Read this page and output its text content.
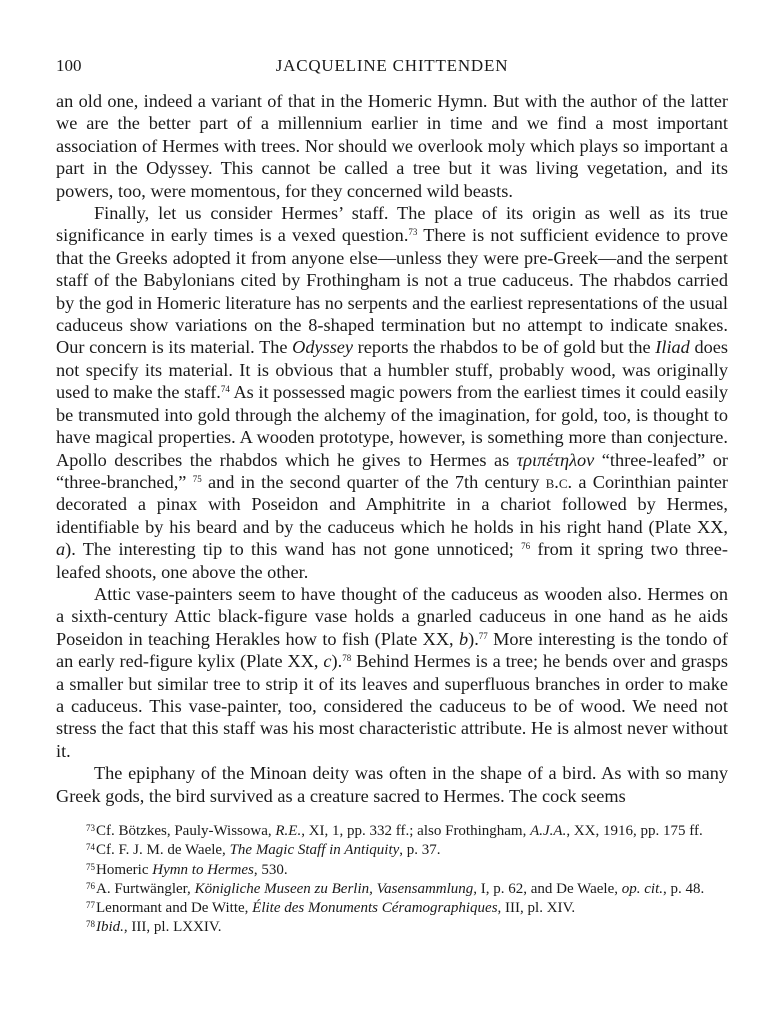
100	JACQUELINE CHITTENDEN

an old one, indeed a variant of that in the Homeric Hymn. But with the author of the latter we are the better part of a millennium earlier in time and we find a most important association of Hermes with trees. Nor should we overlook moly which plays so important a part in the Odyssey. This cannot be called a tree but it was living vegetation, and its powers, too, were momentous, for they concerned wild beasts.

Finally, let us consider Hermes’ staff. The place of its origin as well as its true significance in early times is a vexed question.$^{73}$ There is not sufficient evidence to prove that the Greeks adopted it from anyone else—unless they were pre-Greek—and the serpent staff of the Babylonians cited by Frothingham is not a true caduceus. The rhabdos carried by the god in Homeric literature has no serpents and the earliest representations of the usual caduceus show variations on the 8-shaped termination but no attempt to indicate snakes. Our concern is its material. The Odyssey reports the rhabdos to be of gold but the Iliad does not specify its material. It is obvious that a humbler stuff, probably wood, was originally used to make the staff.$^{74}$ As it possessed magic powers from the earliest times it could easily be transmuted into gold through the alchemy of the imagination, for gold, too, is thought to have magical properties. A wooden prototype, however, is something more than conjecture. Apollo describes the rhabdos which he gives to Hermes as τριπέτηλον “three-leafed” or “three-branched,” $^{75}$ and in the second quarter of the 7th century b.c. a Corinthian painter decorated a pinax with Poseidon and Amphitrite in a chariot followed by Hermes, identifiable by his beard and by the caduceus which he holds in his right hand (Plate XX, a). The interesting tip to this wand has not gone unnoticed; $^{76}$ from it spring two three-leafed shoots, one above the other.

Attic vase-painters seem to have thought of the caduceus as wooden also. Hermes on a sixth-century Attic black-figure vase holds a gnarled caduceus in one hand as he aids Poseidon in teaching Herakles how to fish (Plate XX, b).$^{77}$ More interesting is the tondo of an early red-figure kylix (Plate XX, c).$^{78}$ Behind Hermes is a tree; he bends over and grasps a smaller but similar tree to strip it of its leaves and superfluous branches in order to make a caduceus. This vase-painter, too, considered the caduceus to be of wood. We need not stress the fact that this staff was his most characteristic attribute. He is almost never without it.

The epiphany of the Minoan deity was often in the shape of a bird. As with so many Greek gods, the bird survived as a creature sacred to Hermes. The cock seems

$^{73}$Cf. Bötzkes, Pauly-Wissowa, R.E., XI, 1, pp. 332 ff.; also Frothingham, A.J.A., XX, 1916, pp. 175 ff.

$^{74}$Cf. F. J. M. de Waele, The Magic Staff in Antiquity, p. 37.

$^{75}$Homeric Hymn to Hermes, 530.

$^{76}$A. Furtwängler, Königliche Museen zu Berlin, Vasensammlung, I, p. 62, and De Waele, op. cit., p. 48.

$^{77}$Lenormant and De Witte, Élite des Monuments Céramographiques, III, pl. XIV.

$^{78}$Ibid., III, pl. LXXIV.
